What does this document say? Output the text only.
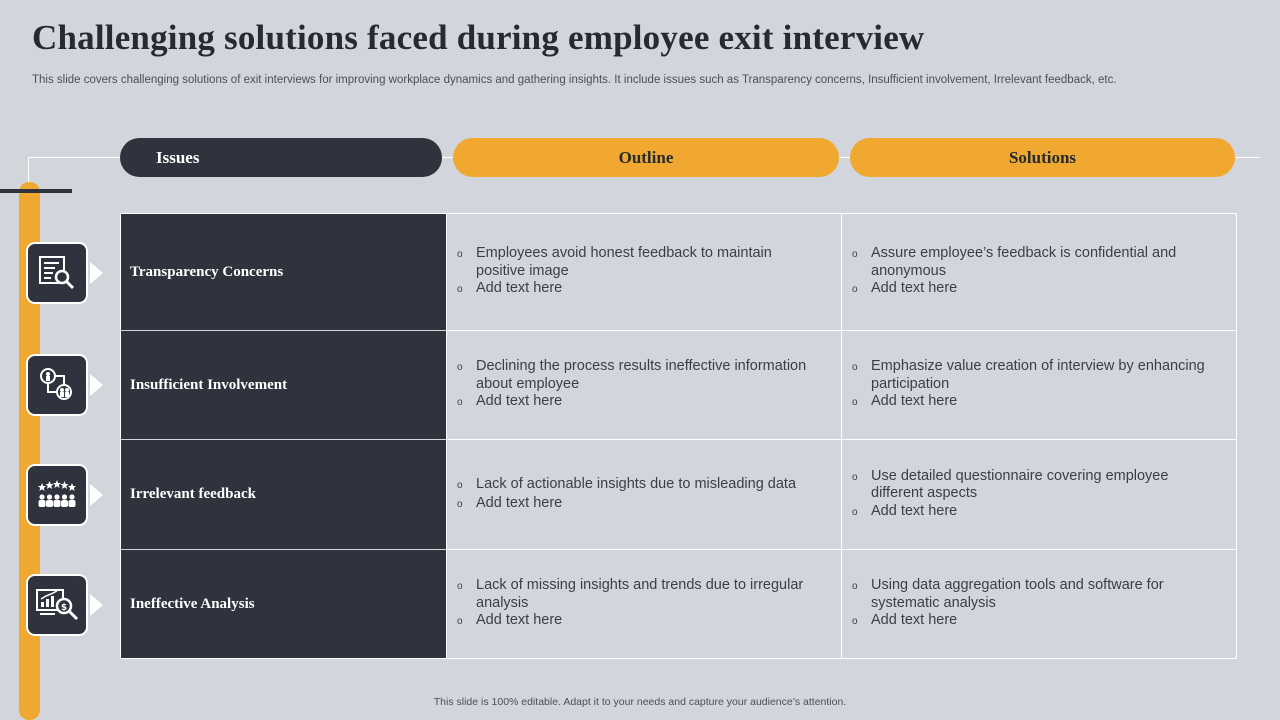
Challenging solutions faced during employee exit interview
This slide covers challenging solutions of exit interviews for improving workplace dynamics and gathering insights. It include issues such as Transparency concerns, Insufficient involvement, Irrelevant feedback, etc.
Issues	Outline	Solutions
$
Transparency Concerns
o Employees avoid honest feedback to maintain positive image
o Add text here
o Assure employee’s feedback is confidential and anonymous
o Add text here
Insufficient Involvement
o Declining the process results ineffective information about employee
o Add text here
o Emphasize value creation of interview by enhancing participation
o Add text here
Irrelevant feedback
o Lack of actionable insights due to misleading data
o Add text here
o Use detailed questionnaire covering employee different aspects
o Add text here
Ineffective Analysis
o Lack of missing insights and trends due to irregular analysis
o Add text here
o Using data aggregation tools and software for systematic analysis
o Add text here
This slide is 100% editable. Adapt it to your needs and capture your audience’s attention.
